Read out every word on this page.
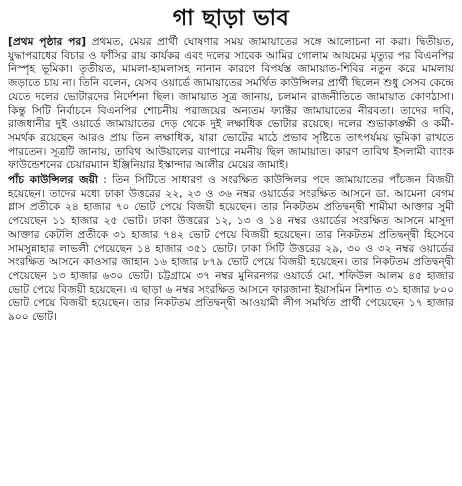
গা ছাড়া ভাব

[প্রথম পৃষ্ঠার পর] প্রথমত, মেয়র প্রার্থী ঘোষণার সময় জামায়াতের সঙ্গে আলোচনা না করা। দ্বিতীয়ত, যুদ্ধাপরাধের বিচার ও ফাঁসির রায় কার্যকর এবং দলের সাবেক আমির গোলাম আযমের মৃত্যুর পর বিএনপির নিস্পৃহ ভূমিকা। তৃতীয়ত, মামলা-হামলাসহ নানান কারণে বিপর্যস্ত জামায়াত-শিবির নতুন করে মামলায় জড়াতে চায় না। তিনি বলেন, যেসব ওয়ার্ডে জামায়াতের সমর্থিত কাউন্সিলর প্রার্থী ছিলেন শুধু সেসব কেন্দ্রে যেতে দলের ভোটারদের নির্দেশনা ছিল। জামায়াত সূত্র জানায়, চলমান রাজনীতিতে জামায়াত কোণঠাসা। কিন্তু সিটি নির্বাচনে বিএনপির শোচনীয় পরাজয়ের অন্যতম ফ্যাক্টর জামায়াতের নীরবতা। তাদের দাবি, রাজধানীর দুই ওয়ার্ডে জামায়াতের দেড় থেকে দুই লক্ষাধিক ভোটার রয়েছে। দলের শুভাকাঙ্ক্ষী ও কর্মী-সমর্থক রয়েছেন আরও প্রায় তিন লক্ষাধিক, যারা ভোটের মাঠে প্রভাব সৃষ্টিতে তাৎপর্যময় ভূমিকা রাখতে পারতেন। সূত্রটি জানায়, তাবিথ আউয়ালের ব্যাপারে নমনীয় ছিল জামায়াত। কারণ তাবিথ ইসলামী ব্যাংক ফাউন্ডেশনের চেয়ারম্যান ইঞ্জিনিয়ার ইস্কান্দার আলীর মেয়ের জামাই।

পাঁচ কাউন্সিলর জয়ী : তিন সিটিতে সাধারণ ও সংরক্ষিত কাউন্সিলর পদে জামায়াতের পাঁচজন বিজয়ী হয়েছেন। তাদের মধ্যে ঢাকা উত্তরের ২২, ২৩ ও ৩৬ নম্বর ওয়ার্ডের সংরক্ষিত আসনে ডা. আমেনা বেগম গ্লাস প্রতীকে ২৪ হাজার ৭০ ভোট পেয়ে বিজয়ী হয়েছেন। তার নিকটতম প্রতিদ্বন্দ্বী শামীমা আক্তার সুমী পেয়েছেন ১১ হাজার ২৫ ভোট। ঢাকা উত্তরের ১২, ১৩ ও ১৪ নম্বর ওয়ার্ডের সংরক্ষিত আসনে মাসুদা আক্তার কেটলি প্রতীকে ৩১ হাজার ৭৪২ ভোট পেয়ে বিজয়ী হয়েছেন। তার নিকটতম প্রতিদ্বন্দ্বী হিসেবে সামসুন্নাহার লাভলী পেয়েছেন ১৪ হাজার ৩৫১ ভোট। ঢাকা সিটি উত্তরের ২৯, ৩০ ও ৩২ নম্বর ওয়ার্ডের সংরক্ষিত আসনে কাওসার জাহান ১৬ হাজার ৮৭৯ ভোট পেয়ে বিজয়ী হয়েছেন। তার নিকটতম প্রতিদ্বন্দ্বী পেয়েছেন ১৩ হাজার ৬৩০ ভোট। চট্টগ্রামে ৩৭ নম্বর মুনিরনগর ওয়ার্ডে মো. শফিউল আলম ৪৫ হাজার ভোট পেয়ে বিজয়ী হয়েছেন। এ ছাড়া ৬ নম্বর সংরক্ষিত আসনে ফারজানা ইয়াসমিন নিশাত ৩১ হাজার ৮০০ ভোট পেয়ে বিজয়ী হয়েছেন। তার নিকটতম প্রতিদ্বন্দ্বী আওয়ামী লীগ সমর্থিত প্রার্থী পেয়েছেন ১৭ হাজার ৯০০ ভোট।
